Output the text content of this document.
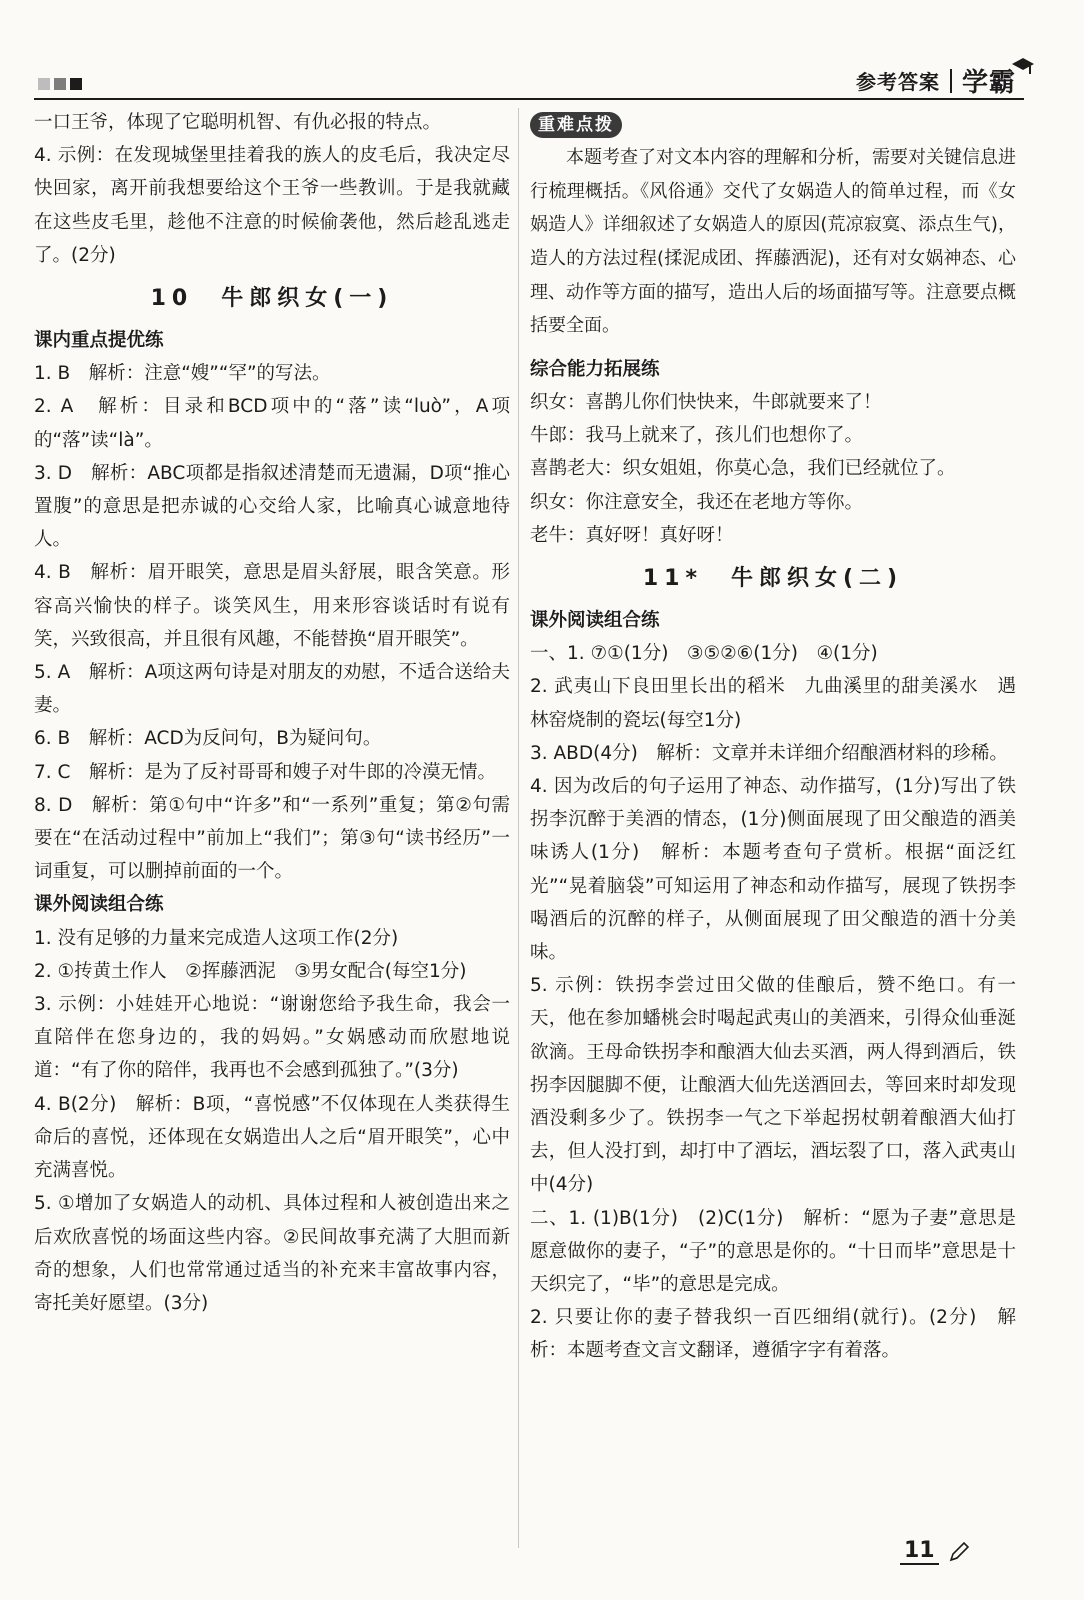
参考答案 学霸

一口王爷，体现了它聪明机智、有仇必报的特点。

4. 示例：在发现城堡里挂着我的族人的皮毛后，我决定尽快回家，离开前我想要给这个王爷一些教训。于是我就藏在这些皮毛里，趁他不注意的时候偷袭他，然后趁乱逃走了。(2分)

10　牛郎织女(一)

课内重点提优练

1. B　解析：注意“嫂”“罕”的写法。

2. A　解析：目录和BCD项中的“落”读“luò”，A项的“落”读“là”。

3. D　解析：ABC项都是指叙述清楚而无遗漏，D项“推心置腹”的意思是把赤诚的心交给人家，比喻真心诚意地待人。

4. B　解析：眉开眼笑，意思是眉头舒展，眼含笑意。形容高兴愉快的样子。谈笑风生，用来形容谈话时有说有笑，兴致很高，并且很有风趣，不能替换“眉开眼笑”。

5. A　解析：A项这两句诗是对朋友的劝慰，不适合送给夫妻。

6. B　解析：ACD为反问句，B为疑问句。

7. C　解析：是为了反衬哥哥和嫂子对牛郎的冷漠无情。

8. D　解析：第①句中“许多”和“一系列”重复；第②句需要在“在活动过程中”前加上“我们”；第③句“读书经历”一词重复，可以删掉前面的一个。

课外阅读组合练

1. 没有足够的力量来完成造人这项工作(2分)

2. ①抟黄土作人　②挥藤洒泥　③男女配合(每空1分)

3. 示例：小娃娃开心地说：“谢谢您给予我生命，我会一直陪伴在您身边的，我的妈妈。”女娲感动而欣慰地说道：“有了你的陪伴，我再也不会感到孤独了。”(3分)

4. B(2分)　解析：B项，“喜悦感”不仅体现在人类获得生命后的喜悦，还体现在女娲造出人之后“眉开眼笑”，心中充满喜悦。

5. ①增加了女娲造人的动机、具体过程和人被创造出来之后欢欣喜悦的场面这些内容。②民间故事充满了大胆而新奇的想象，人们也常常通过适当的补充来丰富故事内容，寄托美好愿望。(3分)

重难点拨

本题考查了对文本内容的理解和分析，需要对关键信息进行梳理概括。《风俗通》交代了女娲造人的简单过程，而《女娲造人》详细叙述了女娲造人的原因(荒凉寂寞、添点生气)，造人的方法过程(揉泥成团、挥藤洒泥)，还有对女娲神态、心理、动作等方面的描写，造出人后的场面描写等。注意要点概括要全面。

综合能力拓展练

织女：喜鹊儿你们快快来，牛郎就要来了！

牛郎：我马上就来了，孩儿们也想你了。

喜鹊老大：织女姐姐，你莫心急，我们已经就位了。

织女：你注意安全，我还在老地方等你。

老牛：真好呀！真好呀！

11*　牛郎织女(二)

课外阅读组合练

一、1. ⑦①(1分)　③⑤②⑥(1分)　④(1分)

2. 武夷山下良田里长出的稻米　九曲溪里的甜美溪水　遇林窑烧制的瓷坛(每空1分)

3. ABD(4分)　解析：文章并未详细介绍酿酒材料的珍稀。

4. 因为改后的句子运用了神态、动作描写，(1分)写出了铁拐李沉醉于美酒的情态，(1分)侧面展现了田父酿造的酒美味诱人(1分)　解析：本题考查句子赏析。根据“面泛红光”“晃着脑袋”可知运用了神态和动作描写，展现了铁拐李喝酒后的沉醉的样子，从侧面展现了田父酿造的酒十分美味。

5. 示例：铁拐李尝过田父做的佳酿后，赞不绝口。有一天，他在参加蟠桃会时喝起武夷山的美酒来，引得众仙垂涎欲滴。王母命铁拐李和酿酒大仙去买酒，两人得到酒后，铁拐李因腿脚不便，让酿酒大仙先送酒回去，等回来时却发现酒没剩多少了。铁拐李一气之下举起拐杖朝着酿酒大仙打去，但人没打到，却打中了酒坛，酒坛裂了口，落入武夷山中(4分)

二、1. (1)B(1分)　(2)C(1分)　解析：“愿为子妻”意思是愿意做你的妻子，“子”的意思是你的。“十日而毕”意思是十天织完了，“毕”的意思是完成。

2. 只要让你的妻子替我织一百匹细绢(就行)。(2分)　解析：本题考查文言文翻译，遵循字字有着落。

11
